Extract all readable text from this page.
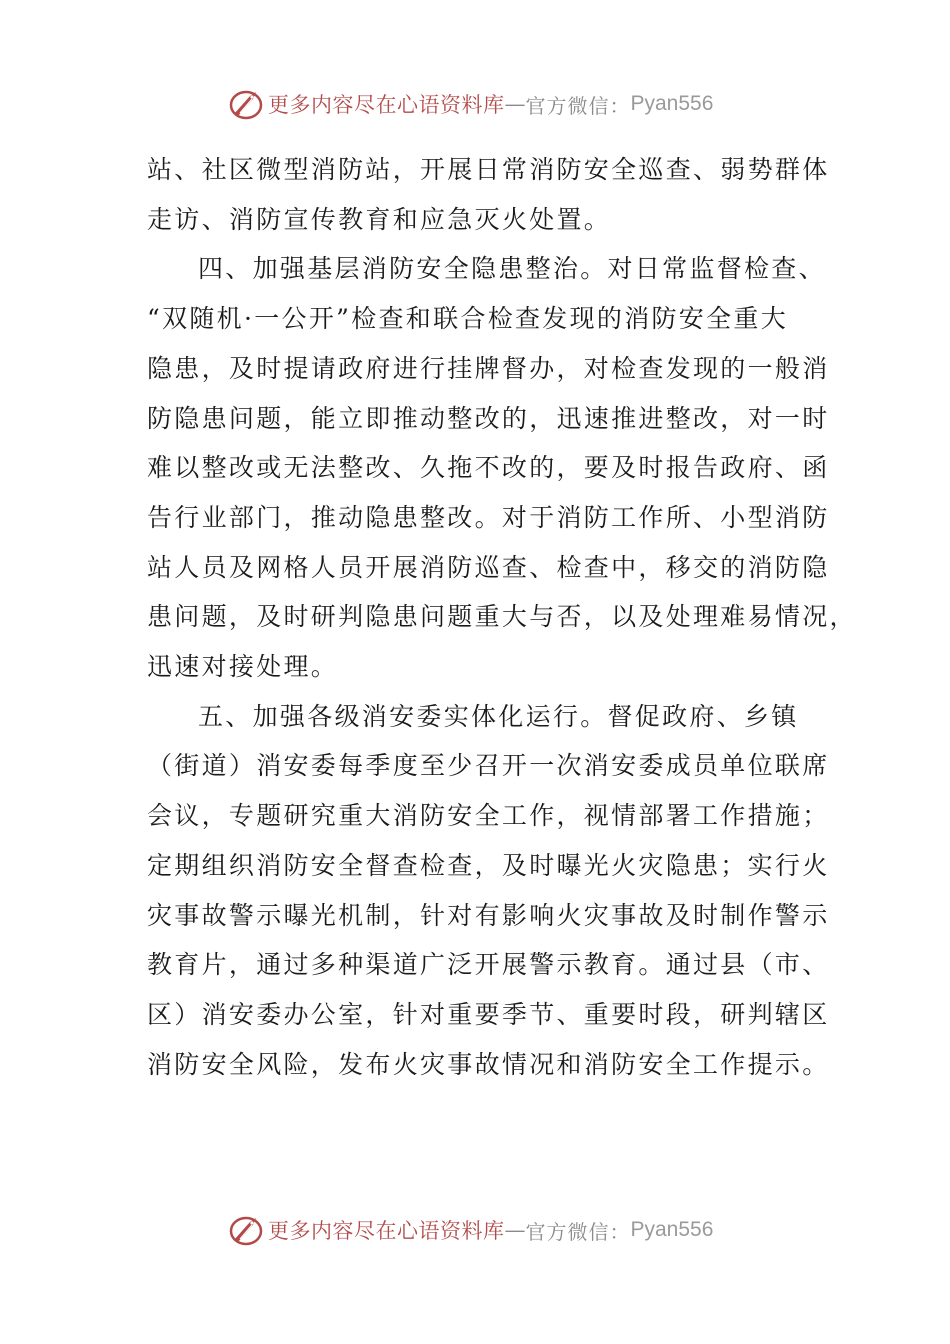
更多内容尽在心语资料库 — 官方微信： Pyan556

站、社区微型消防站，开展日常消防安全巡查、弱势群体
走访、消防宣传教育和应急灭火处置。

四、加强基层消防安全隐患整治。对日常监督检查、
“双随机·一公开”检查和联合检查发现的消防安全重大
隐患，及时提请政府进行挂牌督办，对检查发现的一般消
防隐患问题，能立即推动整改的，迅速推进整改，对一时
难以整改或无法整改、久拖不改的，要及时报告政府、函
告行业部门，推动隐患整改。对于消防工作所、小型消防
站人员及网格人员开展消防巡查、检查中，移交的消防隐
患问题，及时研判隐患问题重大与否，以及处理难易情况，
迅速对接处理。

五、加强各级消安委实体化运行。督促政府、乡镇
（街道）消安委每季度至少召开一次消安委成员单位联席
会议，专题研究重大消防安全工作，视情部署工作措施；
定期组织消防安全督查检查，及时曝光火灾隐患；实行火
灾事故警示曝光机制，针对有影响火灾事故及时制作警示
教育片，通过多种渠道广泛开展警示教育。通过县（市、
区）消安委办公室，针对重要季节、重要时段，研判辖区
消防安全风险，发布火灾事故情况和消防安全工作提示。

更多内容尽在心语资料库 — 官方微信： Pyan556
